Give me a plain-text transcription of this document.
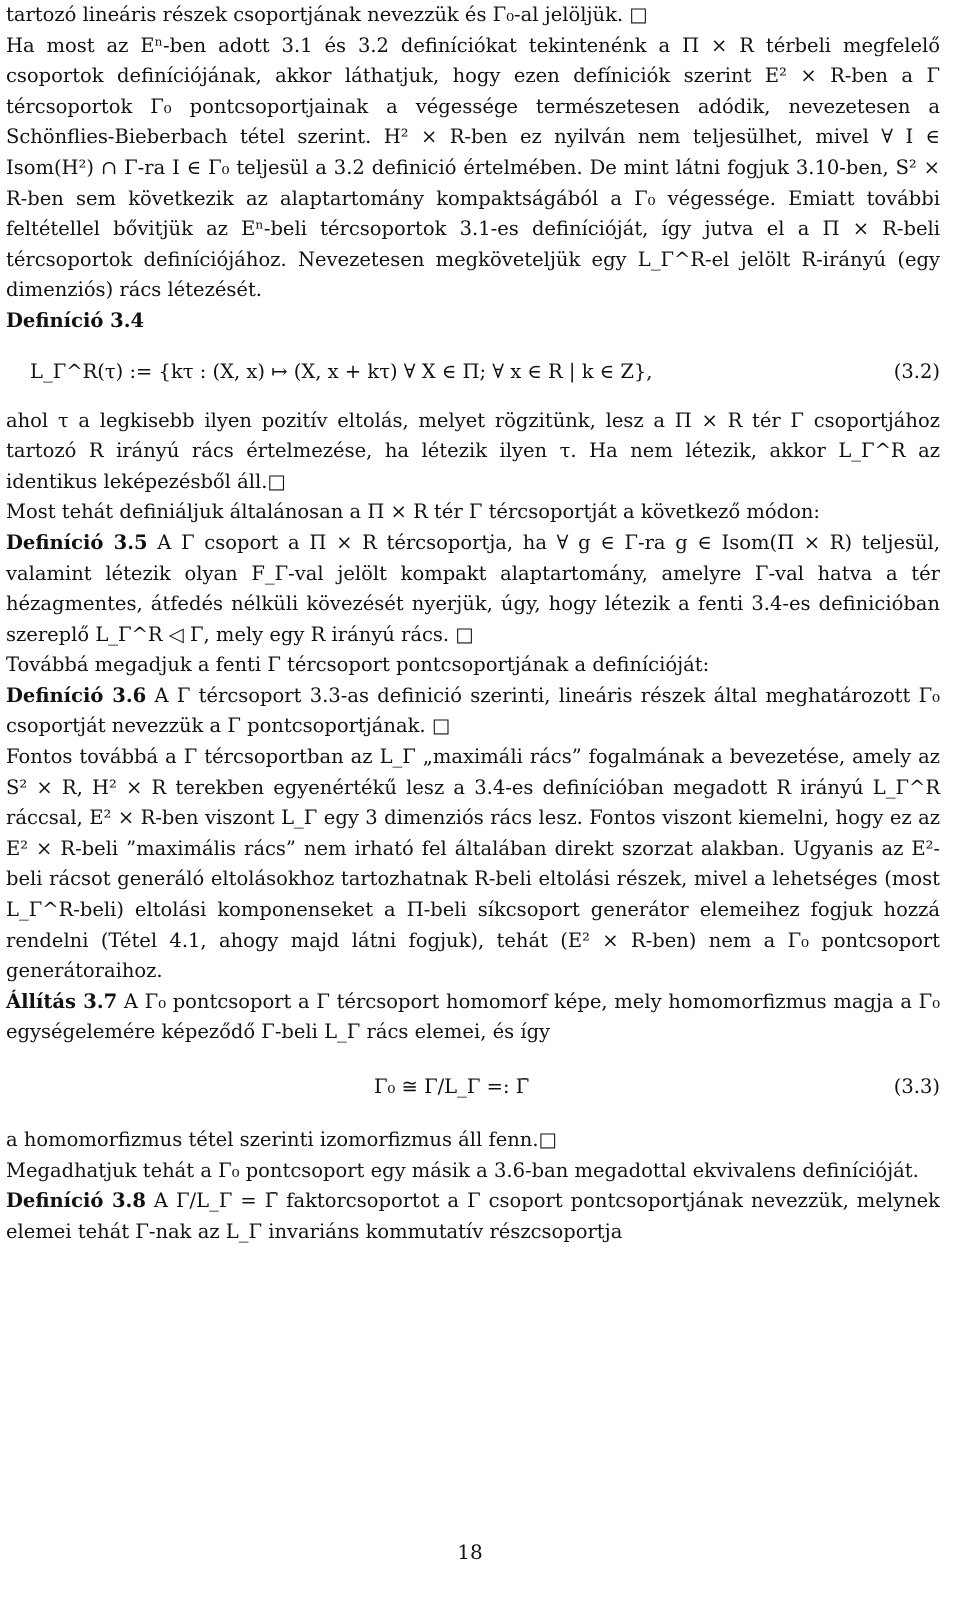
tartozó lineáris részek csoportjának nevezzük és Γ₀-al jelöljük. □

Ha most az Eⁿ-ben adott 3.1 és 3.2 definíciókat tekintenénk a Π × R térbeli megfelelő csoportok definíciójának, akkor láthatjuk, hogy ezen defíniciók szerint E² × R-ben a Γ tércsoportok Γ₀ pontcsoportjainak a végessége természetesen adódik, nevezetesen a Schönflies-Bieberbach tétel szerint. H² × R-ben ez nyilván nem teljesülhet, mivel ∀ I ∈ Isom(H²) ∩ Γ-ra I ∈ Γ₀ teljesül a 3.2 definició értelmében. De mint látni fogjuk 3.10-ben, S² × R-ben sem következik az alaptartomány kompaktságából a Γ₀ végessége. Emiatt további feltétellel bővitjük az Eⁿ-beli tércsoportok 3.1-es definícióját, így jutva el a Π × R-beli tércsoportok definíciójához. Nevezetesen megköveteljük egy L_Γ^R-el jelölt R-irányú (egy dimenziós) rács létezését.

Definíció 3.4

L_Γ^R(τ) := {kτ : (X, x) ↦ (X, x + kτ) ∀ X ∈ Π; ∀ x ∈ R | k ∈ Z},	(3.2)

ahol τ a legkisebb ilyen pozitív eltolás, melyet rögzitünk, lesz a Π × R tér Γ csoportjához tartozó R irányú rács értelmezése, ha létezik ilyen τ. Ha nem létezik, akkor L_Γ^R az identikus leképezésből áll.□

Most tehát definiáljuk általánosan a Π × R tér Γ tércsoportját a következő módon:

Definíció 3.5 A Γ csoport a Π × R tércsoportja, ha ∀ g ∈ Γ-ra g ∈ Isom(Π × R) teljesül, valamint létezik olyan F_Γ-val jelölt kompakt alaptartomány, amelyre Γ-val hatva a tér hézagmentes, átfedés nélküli kövezését nyerjük, úgy, hogy létezik a fenti 3.4-es definicióban szereplő L_Γ^R ◁ Γ, mely egy R irányú rács. □

Továbbá megadjuk a fenti Γ tércsoport pontcsoportjának a definícióját:

Definíció 3.6 A Γ tércsoport 3.3-as definició szerinti, lineáris részek által meghatározott Γ₀ csoportját nevezzük a Γ pontcsoportjának. □

Fontos továbbá a Γ tércsoportban az L_Γ „maximáli rács” fogalmának a bevezetése, amely az S² × R, H² × R terekben egyenértékű lesz a 3.4-es definícióban megadott R irányú L_Γ^R ráccsal, E² × R-ben viszont L_Γ egy 3 dimenziós rács lesz. Fontos viszont kiemelni, hogy ez az E² × R-beli ”maximális rács” nem irható fel általában direkt szorzat alakban. Ugyanis az E²-beli rácsot generáló eltolásokhoz tartozhatnak R-beli eltolási részek, mivel a lehetséges (most L_Γ^R-beli) eltolási komponenseket a Π-beli síkcsoport generátor elemeihez fogjuk hozzá rendelni (Tétel 4.1, ahogy majd látni fogjuk), tehát (E² × R-ben) nem a Γ₀ pontcsoport generátoraihoz.

Állítás 3.7 A Γ₀ pontcsoport a Γ tércsoport homomorf képe, mely homomorfizmus magja a Γ₀ egységelemére képeződő Γ-beli L_Γ rács elemei, és így

Γ₀ ≅ Γ/L_Γ =: Γ̄	(3.3)

a homomorfizmus tétel szerinti izomorfizmus áll fenn.□

Megadhatjuk tehát a Γ₀ pontcsoport egy másik a 3.6-ban megadottal ekvivalens definícióját.

Definíció 3.8 A Γ/L_Γ = Γ̄ faktorcsoportot a Γ csoport pontcsoportjának nevezzük, melynek elemei tehát Γ-nak az L_Γ invariáns kommutatív részcsoportja

18
